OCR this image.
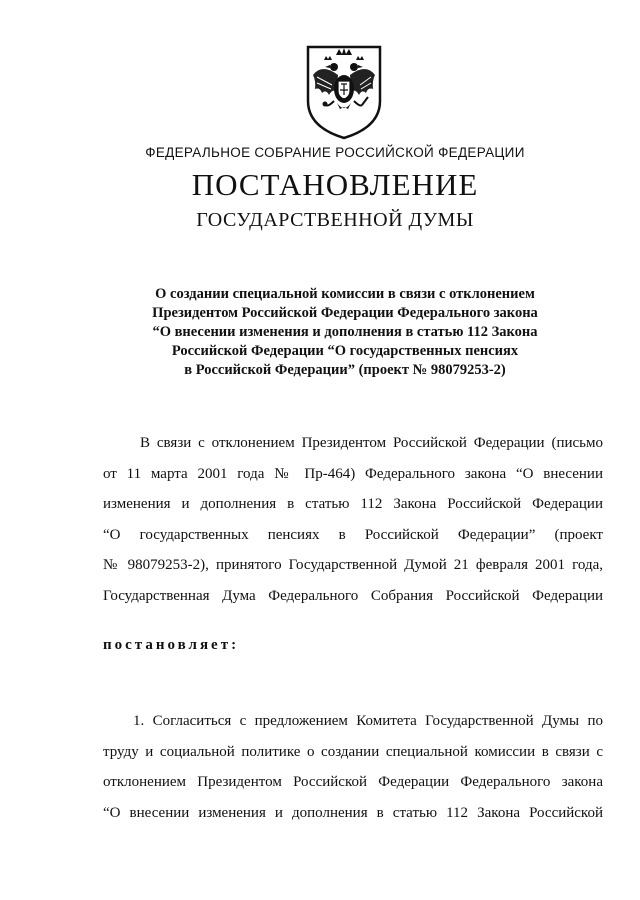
ФЕДЕРАЛЬНОЕ СОБРАНИЕ РОССИЙСКОЙ ФЕДЕРАЦИИ
ПОСТАНОВЛЕНИЕ
ГОСУДАРСТВЕННОЙ ДУМЫ
О создании специальной комиссии в связи с отклонением
Президентом Российской Федерации Федерального закона
“О внесении изменения и дополнения в статью 112 Закона
Российской Федерации “О государственных пенсиях
в Российской Федерации” (проект № 98079253-2)
В связи с отклонением Президентом Российской Федерации (письмо
от 11 марта 2001 года № Пр-464) Федерального закона “О внесении
изменения и дополнения в статью 112 Закона Российской Федерации
“О государственных пенсиях в Российской Федерации” (проект
№ 98079253-2), принятого Государственной Думой 21 февраля 2001 года,
Государственная Дума Федерального Собрания Российской Федерации
постановляет:
1. Согласиться с предложением Комитета Государственной Думы по
труду и социальной политике о создании специальной комиссии в связи с
отклонением Президентом Российской Федерации Федерального закона
“О внесении изменения и дополнения в статью 112 Закона Российской
